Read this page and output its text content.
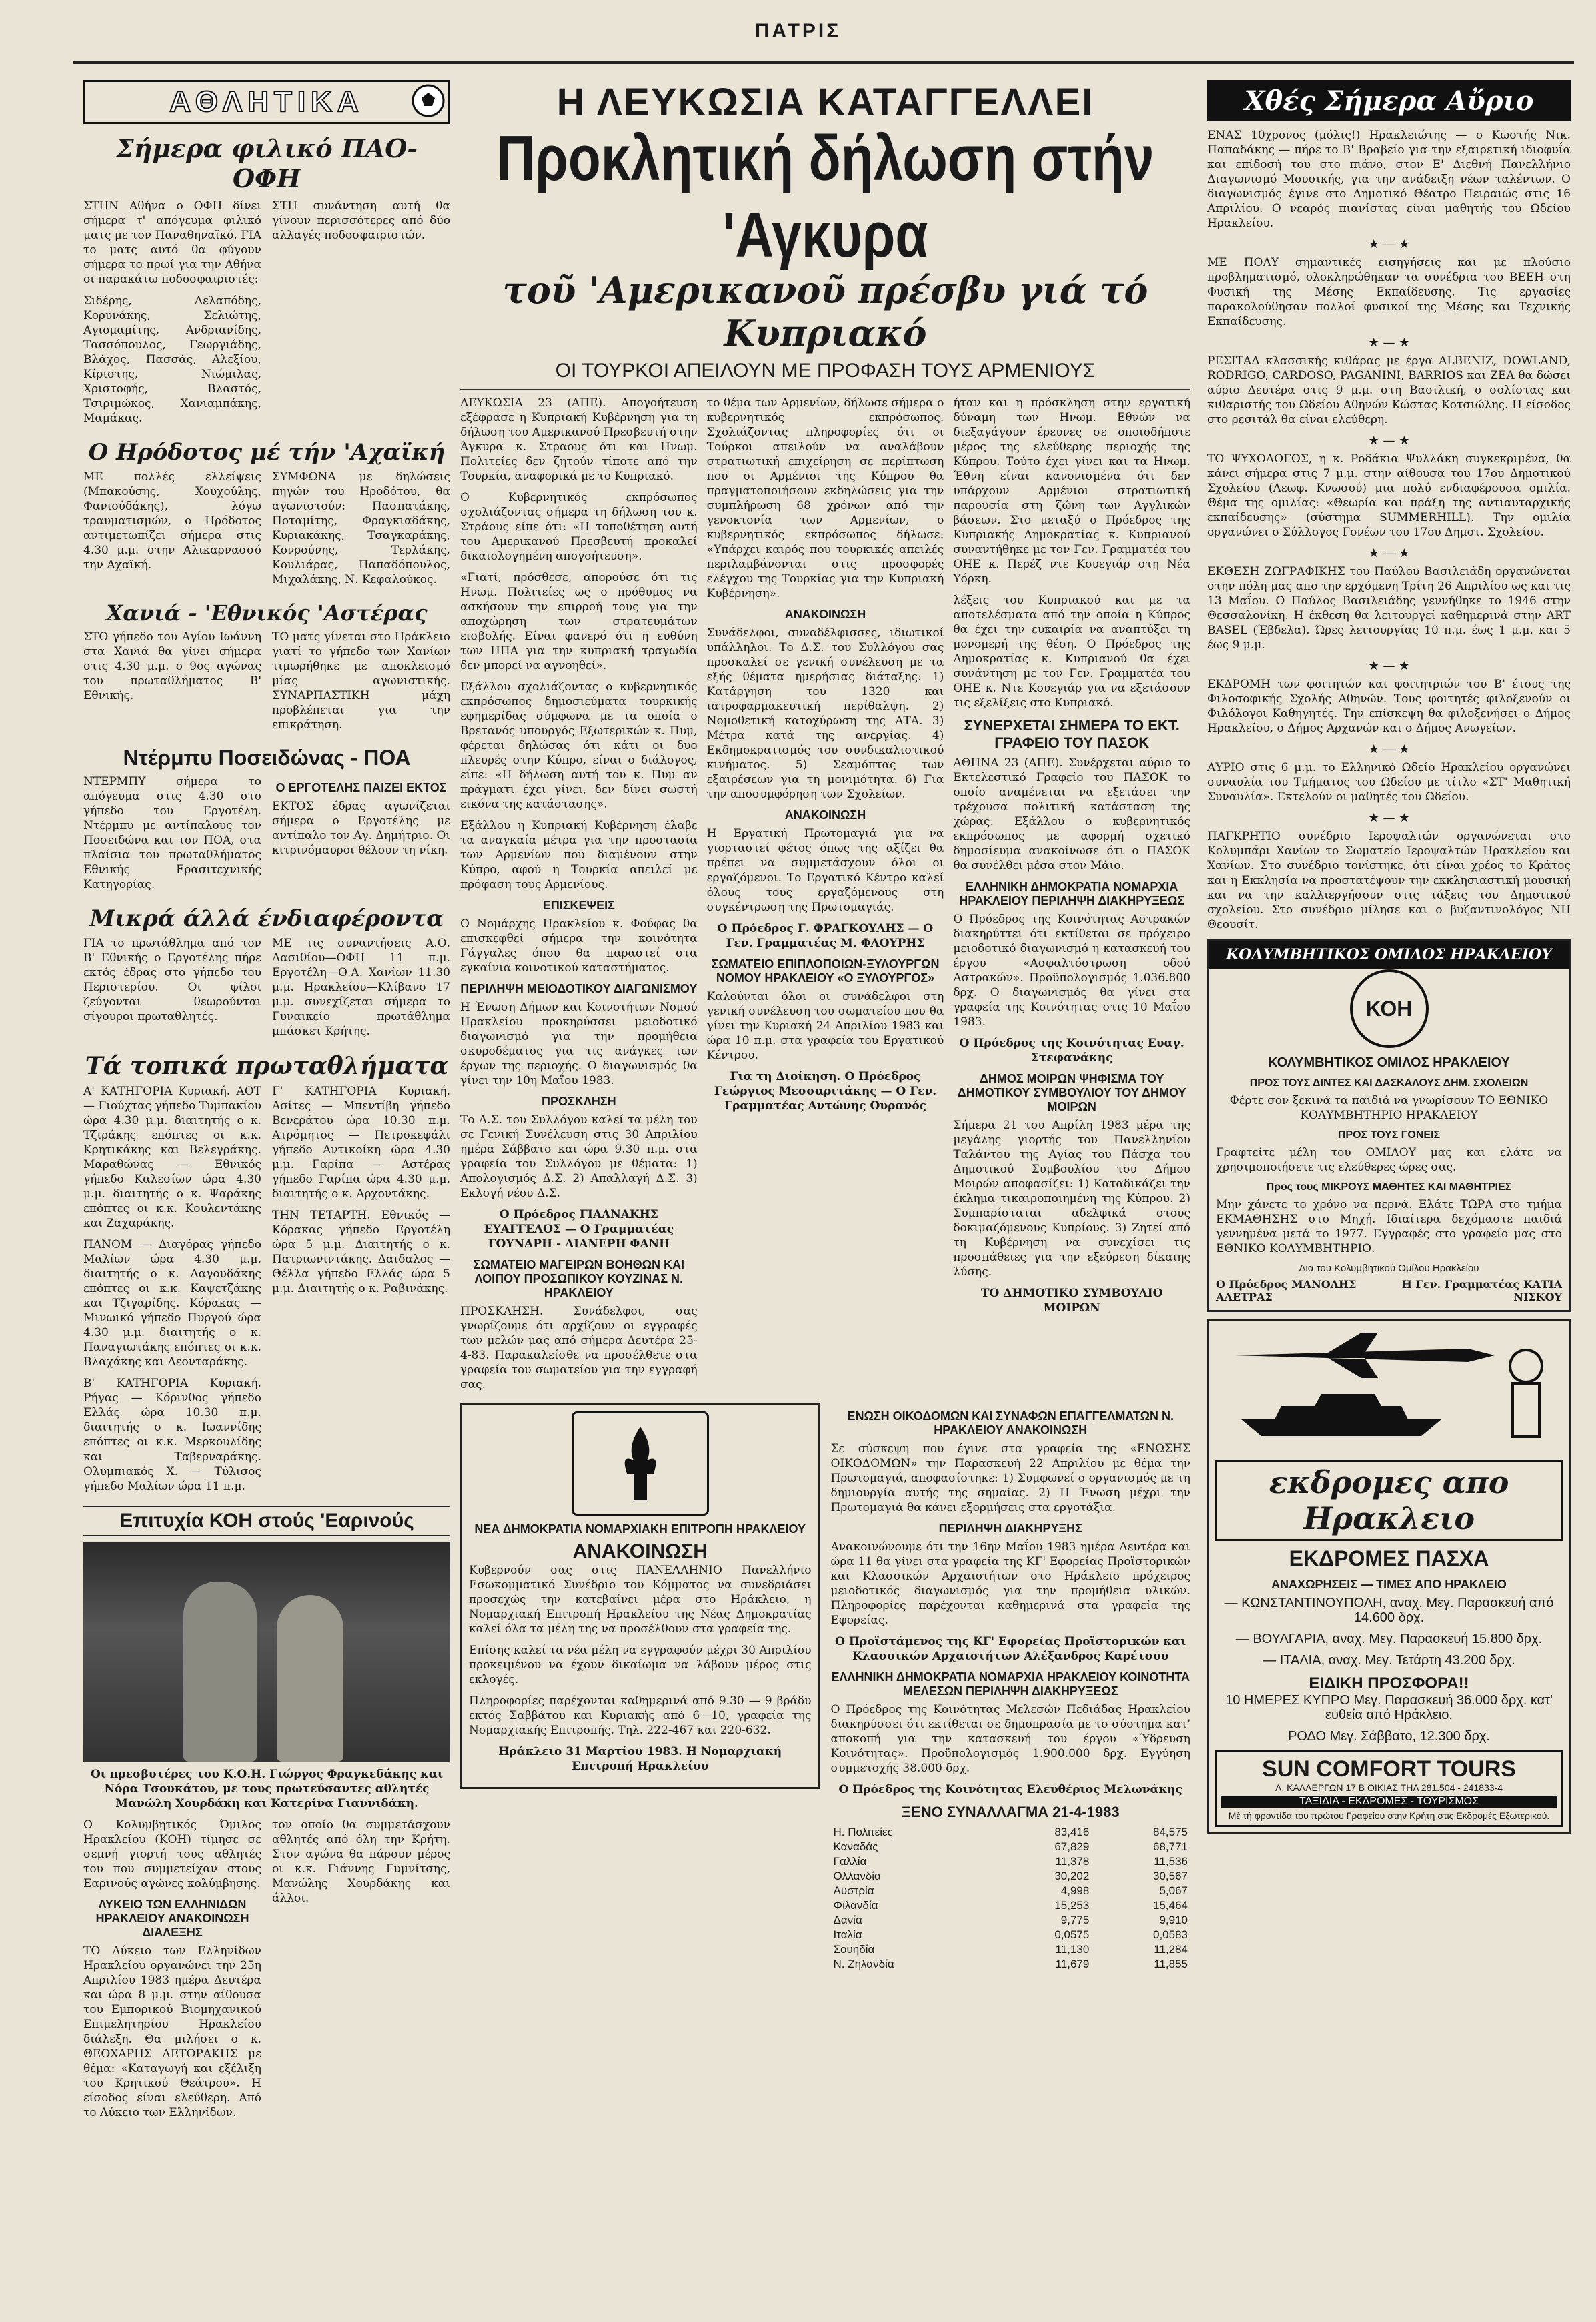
ΠΑΤΡΙΣ
ΑΘΛΗΤΙΚΑ
Σήμερα φιλικό ΠΑΟ-ΟΦΗ

ΣΤΗΝ Αθήνα ο ΟΦΗ δίνει σήμερα τ' απόγευμα φιλικό ματς με τον Παναθηναϊκό. ΓΙΑ το ματς αυτό θα φύγουν σήμερα το πρωί για την Αθήνα οι παρακάτω ποδοσφαιριστές:

Σιδέρης, Δελαπόδης, Κορυνάκης, Σελιώτης, Αγιομαμίτης, Ανδριανίδης, Τασσόπουλος, Γεωργιάδης, Βλάχος, Πασσάς, Αλεξίου, Κίριστης, Νιώμιλας, Χριστοφής, Βλαστός, Τσιριμώκος, Χανιαμπάκης, Μαμάκας.

ΣΤΗ συνάντηση αυτή θα γίνουν περισσότερες από δύο αλλαγές ποδοσφαιριστών.

Ο Ηρόδοτος μέ τήν 'Αχαϊκή

ΜΕ πολλές ελλείψεις (Μπακούσης, Χουχούλης, Φανιούδάκης), λόγω τραυματισμών, ο Ηρόδοτος αντιμετωπίζει σήμερα στις 4.30 μ.μ. στην Αλικαρνασσό την Αχαϊκή.

ΣΥΜΦΩΝΑ με δηλώσεις πηγών του Ηροδότου, θα αγωνιστούν: Πασπατάκης, Ποταμίτης, Φραγκιαδάκης, Κυριακάκης, Τσαγκαράκης, Κονρούνης, Τερλάκης, Κουλιάρας, Παπαδόπουλος, Μιχαλάκης, Ν. Κεφαλούκος.

Χανιά - 'Εθνικός 'Αστέρας

ΣΤΟ γήπεδο του Αγίου Ιωάννη στα Χανιά θα γίνει σήμερα στις 4.30 μ.μ. ο 9ος αγώνας του πρωταθλήματος Β' Εθνικής.

ΤΟ ματς γίνεται στο Ηράκλειο γιατί το γήπεδο των Χανίων τιμωρήθηκε με αποκλεισμό μίας αγωνιστικής. ΣΥΝΑΡΠΑΣΤΙΚΗ μάχη προβλέπεται για την επικράτηση.

Ντέρμπυ Ποσειδώνας - ΠΟΑ

ΝΤΕΡΜΠΥ σήμερα το απόγευμα στις 4.30 στο γήπεδο του Εργοτέλη. Ντέρμπυ με αντίπαλους τον Ποσειδώνα και τον ΠΟΑ, στα πλαίσια του πρωταθλήματος Εθνικής Ερασιτεχνικής Κατηγορίας.

Ο ΕΡΓΟΤΕΛΗΣ ΠΑΙΖΕΙ ΕΚΤΟΣ

ΕΚΤΟΣ έδρας αγωνίζεται σήμερα ο Εργοτέλης με αντίπαλο τον Αγ. Δημήτριο. Οι κιτρινόμαυροι θέλουν τη νίκη.

Μικρά άλλά ένδιαφέροντα

ΓΙΑ το πρωτάθλημα από τον Β' Εθνικής ο Εργοτέλης πήρε εκτός έδρας στο γήπεδο του Περιστερίου. Οι φίλοι ζεύγονται θεωρούνται σίγουροι πρωταθλητές.

ΜΕ τις συναντήσεις Α.Ο. Λασιθίου—ΟΦΗ 11 π.μ. Εργοτέλη—Ο.Α. Χανίων 11.30 μ.μ. Ηρακλείου—Κλίβανο 17 μ.μ. συνεχίζεται σήμερα το Γυναικείο πρωτάθλημα μπάσκετ Κρήτης.

Τά τοπικά πρωταθλήματα

Α' ΚΑΤΗΓΟΡΙΑ Κυριακή. ΑΟΤ — Γιούχτας γήπεδο Τυμπακίου ώρα 4.30 μ.μ. διαιτητής ο κ. Τζιράκης επόπτες οι κ.κ. Κρητικάκης και Βελεγράκης. Μαραθώνας — Εθνικός γήπεδο Καλεσίων ώρα 4.30 μ.μ. διαιτητής ο κ. Ψαράκης επόπτες οι κ.κ. Κουλεντάκης και Ζαχαράκης.

ΠΑΝΟΜ — Διαγόρας γήπεδο Μαλίων ώρα 4.30 μ.μ. διαιτητής ο κ. Λαγουδάκης επόπτες οι κ.κ. Καψετζάκης και Τζιγαρίδης. Κόρακας — Μινωικό γήπεδο Πυργού ώρα 4.30 μ.μ. διαιτητής ο κ. Παναγιωτάκης επόπτες οι κ.κ. Βλαχάκης και Λεονταράκης.

Β' ΚΑΤΗΓΟΡΙΑ Κυριακή. Ρήγας — Κόρινθος γήπεδο Ελλάς ώρα 10.30 π.μ. διαιτητής ο κ. Ιωαννίδης επόπτες οι κ.κ. Μερκουλίδης και Ταβερναράκης. Ολυμπιακός Χ. — Τύλισος γήπεδο Μαλίων ώρα 11 π.μ.

Γ' ΚΑΤΗΓΟΡΙΑ Κυριακή. Ασίτες — Μπεντίβη γήπεδο Βενεράτου ώρα 10.30 π.μ. Ατρόμητος — Πετροκεφάλι γήπεδο Αντικοίκη ώρα 4.30 μ.μ. Γαρίπα — Αστέρας γήπεδο Γαρίπα ώρα 4.30 μ.μ. διαιτητής ο κ. Αρχοντάκης.

ΤΗΝ ΤΕΤΑΡΤΗ. Εθνικός — Κόρακας γήπεδο Εργοτέλη ώρα 5 μ.μ. Διαιτητής ο κ. Πατριωνιντάκης. Δαιδαλος — Θέλλα γήπεδο Ελλάς ώρα 5 μ.μ. Διαιτητής ο κ. Ραβινάκης.

Επιτυχία ΚΟΗ στούς 'Εαρινούς

Οι πρεσβυτέρες του Κ.Ο.Η. Γιώργος Φραγκεδάκης και Νόρα Τσουκάτου, με τους πρωτεύσαντες αθλητές Μανώλη Χουρδάκη και Κατερίνα Γιαννιδάκη.

Ο Κολυμβητικός Όμιλος Ηρακλείου (ΚΟΗ) τίμησε σε σεμνή γιορτή τους αθλητές του που συμμετείχαν στους Εαρινούς αγώνες κολύμβησης.

ΛΥΚΕΙΟ ΤΩΝ ΕΛΛΗΝΙΔΩΝ ΗΡΑΚΛΕΙΟΥ ΑΝΑΚΟΙΝΩΣΗ ΔΙΑΛΕΞΗΣ

ΤΟ Λύκειο των Ελληνίδων Ηρακλείου οργανώνει την 25η Απριλίου 1983 ημέρα Δευτέρα και ώρα 8 μ.μ. στην αίθουσα του Εμπορικού Βιομηχανικού Επιμελητηρίου Ηρακλείου διάλεξη. Θα μιλήσει ο κ. ΘΕΟΧΑΡΗΣ ΔΕΤΟΡΑΚΗΣ με θέμα: «Καταγωγή και εξέλιξη του Κρητικού Θεάτρου». Η είσοδος είναι ελεύθερη. Από το Λύκειο των Ελληνίδων.

τον οποίο θα συμμετάσχουν αθλητές από όλη την Κρήτη. Στον αγώνα θα πάρουν μέρος οι κ.κ. Γιάννης Γυμνίτσης, Μανώλης Χουρδάκης και άλλοι.

Η ΛΕΥΚΩΣΙΑ ΚΑΤΑΓΓΕΛΛΕΙ
Προκλητική δήλωση στήν 'Αγκυρα
τοῦ 'Αμερικανοῦ πρέσβυ γιά τό Κυπριακό
ΟΙ ΤΟΥΡΚΟΙ ΑΠΕΙΛΟΥΝ ΜΕ ΠΡΟΦΑΣΗ ΤΟΥΣ ΑΡΜΕΝΙΟΥΣ

ΛΕΥΚΩΣΙΑ 23 (ΑΠΕ). Απογοήτευση εξέφρασε η Κυπριακή Κυβέρνηση για τη δήλωση του Αμερικανού Πρεσβευτή στην Άγκυρα κ. Στραους ότι και Ηνωμ. Πολιτείες δεν ζητούν τίποτε από την Τουρκία, αναφορικά με το Κυπριακό.

Ο Κυβερνητικός εκπρόσωπος σχολιάζοντας σήμερα τη δήλωση του κ. Στράους είπε ότι: «Η τοποθέτηση αυτή του Αμερικανού Πρεσβευτή προκαλεί δικαιολογημένη απογοήτευση».

«Γιατί, πρόσθεσε, απορούσε ότι τις Ηνωμ. Πολιτείες ως ο πρόθυμος να ασκήσουν την επιρροή τους για την αποχώρηση των στρατευμάτων εισβολής. Είναι φανερό ότι η ευθύνη των ΗΠΑ για την κυπριακή τραγωδία δεν μπορεί να αγνοηθεί».

Εξάλλου σχολιάζοντας ο κυβερνητικός εκπρόσωπος δημοσιεύματα τουρκικής εφημερίδας σύμφωνα με τα οποία ο Βρετανός υπουργός Εξωτερικών κ. Πυμ, φέρεται δηλώσας ότι κάτι οι δυο πλευρές στην Κύπρο, είναι ο διάλογος, είπε: «Η δήλωση αυτή του κ. Πυμ αν πράγματι έχει γίνει, δεν δίνει σωστή εικόνα της κατάστασης».

Εξάλλου η Κυπριακή Κυβέρνηση έλαβε τα αναγκαία μέτρα για την προστασία των Αρμενίων που διαμένουν στην Κύπρο, αφού η Τουρκία απειλεί με πρόφαση τους Αρμενίους.

ΕΠΙΣΚΕΨΕΙΣ

Ο Νομάρχης Ηρακλείου κ. Φούφας θα επισκεφθεί σήμερα την κοινότητα Γάγγαλες όπου θα παραστεί στα εγκαίνια κοινοτικού καταστήματος.

ΠΕΡΙΛΗΨΗ ΜΕΙΟΔΟΤΙΚΟΥ ΔΙΑΓΩΝΙΣΜΟΥ

Η Ένωση Δήμων και Κοινοτήτων Νομού Ηρακλείου προκηρύσσει μειοδοτικό διαγωνισμό για την προμήθεια σκυροδέματος για τις ανάγκες των έργων της περιοχής. Ο διαγωνισμός θα γίνει την 10η Μαΐου 1983.

ΠΡΟΣΚΛΗΣΗ

Το Δ.Σ. του Συλλόγου καλεί τα μέλη του σε Γενική Συνέλευση στις 30 Απριλίου ημέρα Σάββατο και ώρα 9.30 π.μ. στα γραφεία του Συλλόγου με θέματα: 1) Απολογισμός Δ.Σ. 2) Απαλλαγή Δ.Σ. 3) Εκλογή νέου Δ.Σ.

Ο Πρόεδρος ΓΙΑΛΝΑΚΗΣ ΕΥΑΓΓΕΛΟΣ — Ο Γραμματέας ΓΟΥΝΑΡΗ - ΛΙΑΝΕΡΗ ΦΑΝΗ

ΣΩΜΑΤΕΙΟ ΜΑΓΕΙΡΩΝ ΒΟΗΘΩΝ ΚΑΙ ΛΟΙΠΟΥ ΠΡΟΣΩΠΙΚΟΥ ΚΟΥΖΙΝΑΣ Ν. ΗΡΑΚΛΕΙΟΥ

ΠΡΟΣΚΛΗΣΗ. Συνάδελφοι, σας γνωρίζουμε ότι αρχίζουν οι εγγραφές των μελών μας από σήμερα Δευτέρα 25-4-83. Παρακαλείσθε να προσέλθετε στα γραφεία του σωματείου για την εγγραφή σας.

το θέμα των Αρμενίων, δήλωσε σήμερα ο κυβερνητικός εκπρόσωπος. Σχολιάζοντας πληροφορίες ότι οι Τούρκοι απειλούν να αναλάβουν στρατιωτική επιχείρηση σε περίπτωση που οι Αρμένιοι της Κύπρου θα πραγματοποιήσουν εκδηλώσεις για την συμπλήρωση 68 χρόνων από την γενοκτονία των Αρμενίων, ο κυβερνητικός εκπρόσωπος δήλωσε: «Υπάρχει καιρός που τουρκικές απειλές περιλαμβάνονται στις προσφορές ελέγχου της Τουρκίας για την Κυπριακή Κυβέρνηση».

ΑΝΑΚΟΙΝΩΣΗ

Συνάδελφοι, συναδέλφισσες, ιδιωτικοί υπάλληλοι. Το Δ.Σ. του Συλλόγου σας προσκαλεί σε γενική συνέλευση με τα εξής θέματα ημερήσιας διάταξης: 1) Κατάργηση του 1320 και ιατροφαρμακευτική περίθαλψη. 2) Νομοθετική κατοχύρωση της ΑΤΑ. 3) Μέτρα κατά της ανεργίας. 4) Εκδημοκρατισμός του συνδικαλιστικού κινήματος. 5) Σεαμόπτας των εξαιρέσεων για τη μονιμότητα. 6) Για την αποσυμφόρηση των Σχολείων.

ΑΝΑΚΟΙΝΩΣΗ

Η Εργατική Πρωτομαγιά για να γιορταστεί φέτος όπως της αξίζει θα πρέπει να συμμετάσχουν όλοι οι εργαζόμενοι. Το Εργατικό Κέντρο καλεί όλους τους εργαζόμενους στη συγκέντρωση της Πρωτομαγιάς.

Ο Πρόεδρος Γ. ΦΡΑΓΚΟΥΛΗΣ — Ο Γεν. Γραμματέας Μ. ΦΛΟΥΡΗΣ

ΣΩΜΑΤΕΙΟ ΕΠΙΠΛΟΠΟΙΩΝ-ΞΥΛΟΥΡΓΩΝ ΝΟΜΟΥ ΗΡΑΚΛΕΙΟΥ «Ο ΞΥΛΟΥΡΓΟΣ»

Καλούνται όλοι οι συνάδελφοι στη γενική συνέλευση του σωματείου που θα γίνει την Κυριακή 24 Απριλίου 1983 και ώρα 10 π.μ. στα γραφεία του Εργατικού Κέντρου.

Για τη Διοίκηση. Ο Πρόεδρος Γεώργιος Μεσσαριτάκης — Ο Γεν. Γραμματέας Αντώνης Ουρανός

ήταν και η πρόσκληση στην εργατική δύναμη των Ηνωμ. Εθνών να διεξαγάγουν έρευνες σε οποιοδήποτε μέρος της ελεύθερης περιοχής της Κύπρου. Τούτο έχει γίνει και τα Ηνωμ. Έθνη είναι κανονισμένα ότι δεν υπάρχουν Αρμένιοι στρατιωτική παρουσία στη ζώνη των Αγγλικών βάσεων. Στο μεταξύ ο Πρόεδρος της Κυπριακής Δημοκρατίας κ. Κυπριανού συναντήθηκε με τον Γεν. Γραμματέα του ΟΗΕ κ. Περέζ ντε Κουεγιάρ στη Νέα Υόρκη.

λέξεις του Κυπριακού και με τα αποτελέσματα από την οποία η Κύπρος θα έχει την ευκαιρία να αναπτύξει τη μονομερή της θέση. Ο Πρόεδρος της Δημοκρατίας κ. Κυπριανού θα έχει συνάντηση με τον Γεν. Γραμματέα του ΟΗΕ κ. Ντε Κουεγιάρ για να εξετάσουν τις εξελίξεις στο Κυπριακό.

ΣΥΝΕΡΧΕΤΑΙ ΣΗΜΕΡΑ ΤΟ ΕΚΤ. ΓΡΑΦΕΙΟ ΤΟΥ ΠΑΣΟΚ

ΑΘΗΝΑ 23 (ΑΠΕ). Συνέρχεται αύριο το Εκτελεστικό Γραφείο του ΠΑΣΟΚ το οποίο αναμένεται να εξετάσει την τρέχουσα πολιτική κατάσταση της χώρας. Εξάλλου ο κυβερνητικός εκπρόσωπος με αφορμή σχετικό δημοσίευμα ανακοίνωσε ότι ο ΠΑΣΟΚ θα συνέλθει μέσα στον Μάιο.

ΕΛΛΗΝΙΚΗ ΔΗΜΟΚΡΑΤΙΑ ΝΟΜΑΡΧΙΑ ΗΡΑΚΛΕΙΟΥ ΠΕΡΙΛΗΨΗ ΔΙΑΚΗΡΥΞΕΩΣ

Ο Πρόεδρος της Κοινότητας Αστρακών διακηρύττει ότι εκτίθεται σε πρόχειρο μειοδοτικό διαγωνισμό η κατασκευή του έργου «Ασφαλτόστρωση οδού Αστρακών». Προϋπολογισμός 1.036.800 δρχ. Ο διαγωνισμός θα γίνει στα γραφεία της Κοινότητας στις 10 Μαΐου 1983.

Ο Πρόεδρος της Κοινότητας Ευαγ. Στεφανάκης

ΔΗΜΟΣ ΜΟΙΡΩΝ ΨΗΦΙΣΜΑ ΤΟΥ ΔΗΜΟΤΙΚΟΥ ΣΥΜΒΟΥΛΙΟΥ ΤΟΥ ΔΗΜΟΥ ΜΟΙΡΩΝ

Σήμερα 21 του Απρίλη 1983 μέρα της μεγάλης γιορτής του Πανελληνίου Ταλάντου της Αγίας του Πάσχα του Δημοτικού Συμβουλίου του Δήμου Μοιρών αποφασίζει: 1) Καταδικάζει την έκλημα τικαιροποιημένη της Κύπρου. 2) Συμπαρίσταται αδελφικά στους δοκιμαζόμενους Κυπρίους. 3) Ζητεί από τη Κυβέρνηση να συνεχίσει τις προσπάθειες για την εξεύρεση δίκαιης λύσης.

ΤΟ ΔΗΜΟΤΙΚΟ ΣΥΜΒΟΥΛΙΟ ΜΟΙΡΩΝ

ΝΕΑ ΔΗΜΟΚΡΑΤΙΑ ΝΟΜΑΡΧΙΑΚΗ ΕΠΙΤΡΟΠΗ ΗΡΑΚΛΕΙΟΥ
ΑΝΑΚΟΙΝΩΣΗ

Κυβερνούν σας στις ΠΑΝΕΛΛΗΝΙΟ Πανελλήνιο Εσωκομματικό Συνέδριο του Κόμματος να συνεδριάσει προσεχώς την κατεβαίνει μέρα στο Ηράκλειο, η Νομαρχιακή Επιτροπή Ηρακλείου της Νέας Δημοκρατίας καλεί όλα τα μέλη της να προσέλθουν στα γραφεία της.

Επίσης καλεί τα νέα μέλη να εγγραφούν μέχρι 30 Απριλίου προκειμένου να έχουν δικαίωμα να λάβουν μέρος στις εκλογές.

Πληροφορίες παρέχονται καθημερινά από 9.30 — 9 βράδυ εκτός Σαββάτου και Κυριακής από 6—10, γραφεία της Νομαρχιακής Επιτροπής. Τηλ. 222-467 και 220-632.

Ηράκλειο 31 Μαρτίου 1983. Η Νομαρχιακή Επιτροπή Ηρακλείου

ΕΝΩΣΗ ΟΙΚΟΔΟΜΩΝ ΚΑΙ ΣΥΝΑΦΩΝ ΕΠΑΓΓΕΛΜΑΤΩΝ Ν. ΗΡΑΚΛΕΙΟΥ ΑΝΑΚΟΙΝΩΣΗ

Σε σύσκεψη που έγινε στα γραφεία της «ΕΝΩΣΗΣ ΟΙΚΟΔΟΜΩΝ» την Παρασκευή 22 Απριλίου με θέμα την Πρωτομαγιά, αποφασίστηκε: 1) Συμφωνεί ο οργανισμός με τη δημιουργία αυτής της σημαίας. 2) Η Ένωση μέχρι την Πρωτομαγιά θα κάνει εξορμήσεις στα εργοτάξια.

ΠΕΡΙΛΗΨΗ ΔΙΑΚΗΡΥΞΗΣ

Ανακοινώνουμε ότι την 16ην Μαΐου 1983 ημέρα Δευτέρα και ώρα 11 θα γίνει στα γραφεία της ΚΓ' Εφορείας Προϊστορικών και Κλασσικών Αρχαιοτήτων στο Ηράκλειο πρόχειρος μειοδοτικός διαγωνισμός για την προμήθεια υλικών. Πληροφορίες παρέχονται καθημερινά στα γραφεία της Εφορείας.

Ο Προϊστάμενος της ΚΓ' Εφορείας Προϊστορικών και Κλασσικών Αρχαιοτήτων Αλέξανδρος Καρέτσου

ΕΛΛΗΝΙΚΗ ΔΗΜΟΚΡΑΤΙΑ ΝΟΜΑΡΧΙΑ ΗΡΑΚΛΕΙΟΥ ΚΟΙΝΟΤΗΤΑ ΜΕΛΕΣΩΝ ΠΕΡΙΛΗΨΗ ΔΙΑΚΗΡΥΞΕΩΣ

Ο Πρόεδρος της Κοινότητας Μελεσών Πεδιάδας Ηρακλείου διακηρύσσει ότι εκτίθεται σε δημοπρασία με το σύστημα κατ' αποκοπή για την κατασκευή του έργου «Ύδρευση Κοινότητας». Προϋπολογισμός 1.900.000 δρχ. Εγγύηση συμμετοχής 38.000 δρχ.

Ο Πρόεδρος της Κοινότητας Ελευθέριος Μελωνάκης

ΞΕΝΟ ΣΥΝΑΛΛΑΓΜΑ 21-4-1983
Η. Πολιτείες	83,416	84,575
Καναδάς	67,829	68,771
Γαλλία	11,378	11,536
Ολλανδία	30,202	30,567
Αυστρία	4,998	5,067
Φιλανδία	15,253	15,464
Δανία	9,775	9,910
Ιταλία	0,0575	0,0583
Σουηδία	11,130	11,284
Ν. Ζηλανδία	11,679	11,855
Χθές Σήμερα Αὔριο

ΕΝΑΣ 10χρονος (μόλις!) Ηρακλειώτης — ο Κωστής Νικ. Παπαδάκης — πήρε το Β' Βραβείο για την εξαιρετική ιδιοφυΐα και επίδοσή του στο πιάνο, στον Ε' Διεθνή Πανελλήνιο Διαγωνισμό Μουσικής, για την ανάδειξη νέων ταλέντων. Ο διαγωνισμός έγινε στο Δημοτικό Θέατρο Πειραιώς στις 16 Απριλίου. Ο νεαρός πιανίστας είναι μαθητής του Ωδείου Ηρακλείου.

★ — ★

ΜΕ ΠΟΛΥ σημαντικές εισηγήσεις και με πλούσιο προβληματισμό, ολοκληρώθηκαν τα συνέδρια του ΒΕΕΗ στη Φυσική της Μέσης Εκπαίδευσης. Τις εργασίες παρακολούθησαν πολλοί φυσικοί της Μέσης και Τεχνικής Εκπαίδευσης.

★ — ★

ΡΕΣΙΤΑΛ κλασσικής κιθάρας με έργα ALBENIZ, DOWLAND, RODRIGO, CARDOSO, PAGANINI, BARRIOS και ZEA θα δώσει αύριο Δευτέρα στις 9 μ.μ. στη Βασιλική, ο σολίστας και κιθαριστής του Ωδείου Αθηνών Κώστας Κοτσιώλης. Η είσοδος στο ρεσιτάλ θα είναι ελεύθερη.

★ — ★

ΤΟ ΨΥΧΟΛΟΓΟΣ, η κ. Ροδάκια Ψυλλάκη συγκεκριμένα, θα κάνει σήμερα στις 7 μ.μ. στην αίθουσα του 17ου Δημοτικού Σχολείου (Λεωφ. Κνωσού) μια πολύ ενδιαφέρουσα ομιλία. Θέμα της ομιλίας: «Θεωρία και πράξη της αντιαυταρχικής εκπαίδευσης» (σύστημα SUMMERHILL). Την ομιλία οργανώνει ο Σύλλογος Γονέων του 17ου Δημοτ. Σχολείου.

★ — ★

ΕΚΘΕΣΗ ΖΩΓΡΑΦΙΚΗΣ του Παύλου Βασιλειάδη οργανώνεται στην πόλη μας απο την ερχόμενη Τρίτη 26 Απριλίου ως και τις 13 Μαΐου. Ο Παύλος Βασιλειάδης γεννήθηκε το 1946 στην Θεσσαλονίκη. Η έκθεση θα λειτουργεί καθημερινά στην ART BASEL (Έβδελα). Ώρες λειτουργίας 10 π.μ. έως 1 μ.μ. και 5 έως 9 μ.μ.

★ — ★

ΕΚΔΡΟΜΗ των φοιτητών και φοιτητριών του Β' έτους της Φιλοσοφικής Σχολής Αθηνών. Τους φοιτητές φιλοξενούν οι Φιλόλογοι Καθηγητές. Την επίσκεψη θα φιλοξενήσει ο Δήμος Ηρακλείου, ο Δήμος Αρχανών και ο Δήμος Ανωγείων.

★ — ★

ΑΥΡΙΟ στις 6 μ.μ. το Ελληνικό Ωδείο Ηρακλείου οργανώνει συναυλία του Τμήματος του Ωδείου με τίτλο «ΣΤ' Μαθητική Συναυλία». Εκτελούν οι μαθητές του Ωδείου.

★ — ★

ΠΑΓΚΡΗΤΙΟ συνέδριο Ιεροψαλτών οργανώνεται στο Κολυμπάρι Χανίων το Σωματείο Ιεροψαλτών Ηρακλείου και Χανίων. Στο συνέδριο τονίστηκε, ότι είναι χρέος το Κράτος και η Εκκλησία να προστατέψουν την εκκλησιαστική μουσική και να την καλλιεργήσουν στις τάξεις του Δημοτικού σχολείου. Στο συνέδριο μίλησε και ο βυζαντινολόγος ΝΗ Θεουσίτ.

ΚΟΛΥΜΒΗΤΙΚΟΣ ΟΜΙΛΟΣ ΗΡΑΚΛΕΙΟΥ
ΚΟΗ
ΚΟΛΥΜΒΗΤΙΚΟΣ ΟΜΙΛΟΣ ΗΡΑΚΛΕΙΟΥ
ΠΡΟΣ ΤΟΥΣ ΔΙΝΤΕΣ ΚΑΙ ΔΑΣΚΑΛΟΥΣ ΔΗΜ. ΣΧΟΛΕΙΩΝ

Φέρτε σον ξεκινά τα παιδιά να γνωρίσουν ΤΟ ΕΘΝΙΚΟ ΚΟΛΥΜΒΗΤΗΡΙΟ ΗΡΑΚΛΕΙΟΥ

ΠΡΟΣ ΤΟΥΣ ΓΟΝΕΙΣ

Γραφτείτε μέλη του ΟΜΙΛΟΥ μας και ελάτε να χρησιμοποιήσετε τις ελεύθερες ώρες σας.

Προς τους ΜΙΚΡΟΥΣ ΜΑΘΗΤΕΣ ΚΑΙ ΜΑΘΗΤΡΙΕΣ

Μην χάνετε το χρόνο να περνά. Ελάτε ΤΩΡΑ στο τμήμα ΕΚΜΑΘΗΣΗΣ στο Μηχή. Ιδιαίτερα δεχόμαστε παιδιά γεννημένα μετά το 1977. Εγγραφές στο γραφείο μας στο ΕΘΝΙΚΟ ΚΟΛΥΜΒΗΤΗΡΙΟ.

Δια του Κολυμβητικού Ομίλου Ηρακλείου
Ο Πρόεδρος ΜΑΝΟΛΗΣ ΑΛΕΤΡΑΣ
Η Γεν. Γραμματέας ΚΑΤΙΑ ΝΙΣΚΟΥ
εκδρομες απο Ηρακλειο
ΕΚΔΡΟΜΕΣ ΠΑΣΧΑ
ΑΝΑΧΩΡΗΣΕΙΣ — ΤΙΜΕΣ ΑΠΟ ΗΡΑΚΛΕΙΟ

— ΚΩΝΣΤΑΝΤΙΝΟΥΠΟΛΗ, αναχ. Μεγ. Παρασκευή από 14.600 δρχ.

— ΒΟΥΛΓΑΡΙΑ, αναχ. Μεγ. Παρασκευή 15.800 δρχ.

— ΙΤΑΛΙΑ, αναχ. Μεγ. Τετάρτη 43.200 δρχ.

ΕΙΔΙΚΗ ΠΡΟΣΦΟΡΑ!!

10 ΗΜΕΡΕΣ ΚΥΠΡΟ Μεγ. Παρασκευή 36.000 δρχ. κατ' ευθεία από Ηράκλειο.

ΡΟΔΟ Μεγ. Σάββατο, 12.300 δρχ.

SUN COMFORT TOURS
Λ. ΚΑΛΛΕΡΓΩΝ 17 Β ΟΙΚΙΑΣ ΤΗΛ 281.504 - 241833-4
ΤΑΞΙΔΙΑ - ΕΚΔΡΟΜΕΣ - ΤΟΥΡΙΣΜΟΣ
Μὲ τή φροντίδα του πρώτου Γραφείου στην Κρήτη στις Εκδρομές Εξωτερικού.
